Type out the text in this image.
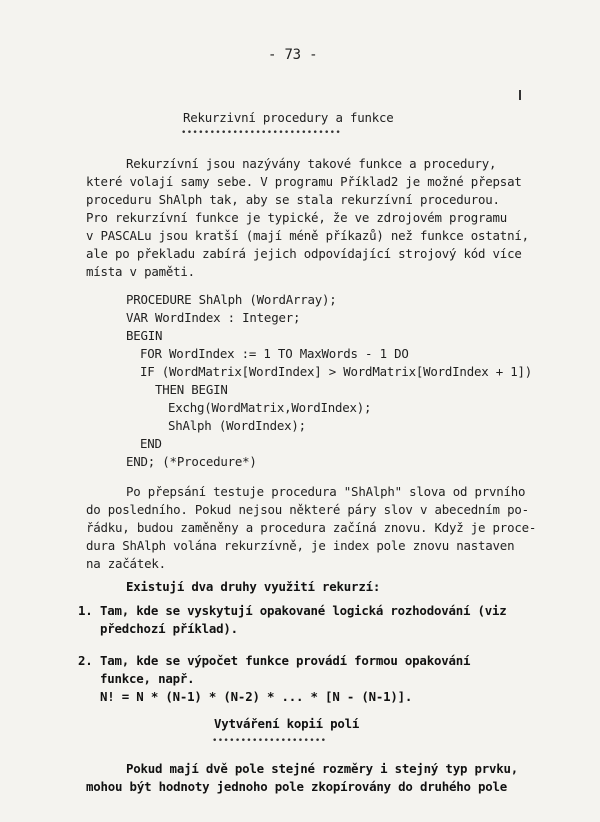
- 73 -
Rekurzivní procedury a funkce
••••••••••••••••••••••••••••
Rekurzívní jsou nazývány takové funkce a procedury,
které volají samy sebe. V programu Příklad2 je možné přepsat
proceduru ShAlph tak, aby se stala rekurzívní procedurou.
Pro rekurzívní funkce je typické, že ve zdrojovém programu
v PASCALu jsou kratší (mají méně příkazů) než funkce ostatní,
ale po překladu zabírá jejich odpovídající strojový kód více
místa v paměti.
PROCEDURE ShAlph (WordArray);
VAR WordIndex : Integer;
BEGIN
FOR WordIndex := 1 TO MaxWords - 1 DO
IF (WordMatrix[WordIndex] > WordMatrix[WordIndex + 1])
THEN BEGIN
Exchg(WordMatrix,WordIndex);
ShAlph (WordIndex);
END
END; (*Procedure*)
Po přepsání testuje procedura "ShAlph" slova od prvního
do posledního. Pokud nejsou některé páry slov v abecedním po-
řádku, budou zaměněny a procedura začíná znovu. Když je proce-
dura ShAlph volána rekurzívně, je index pole znovu nastaven
na začátek.
Existují dva druhy využití rekurzí:
1. Tam, kde se vyskytují opakované logická rozhodování (viz
předchozí příklad).
2. Tam, kde se výpočet funkce provádí formou opakování
funkce, např.
N! = N * (N-1) * (N-2) * ... * [N - (N-1)].
Vytváření kopií polí
••••••••••••••••••••
Pokud mají dvě pole stejné rozměry i stejný typ prvku,
mohou být hodnoty jednoho pole zkopírovány do druhého pole
